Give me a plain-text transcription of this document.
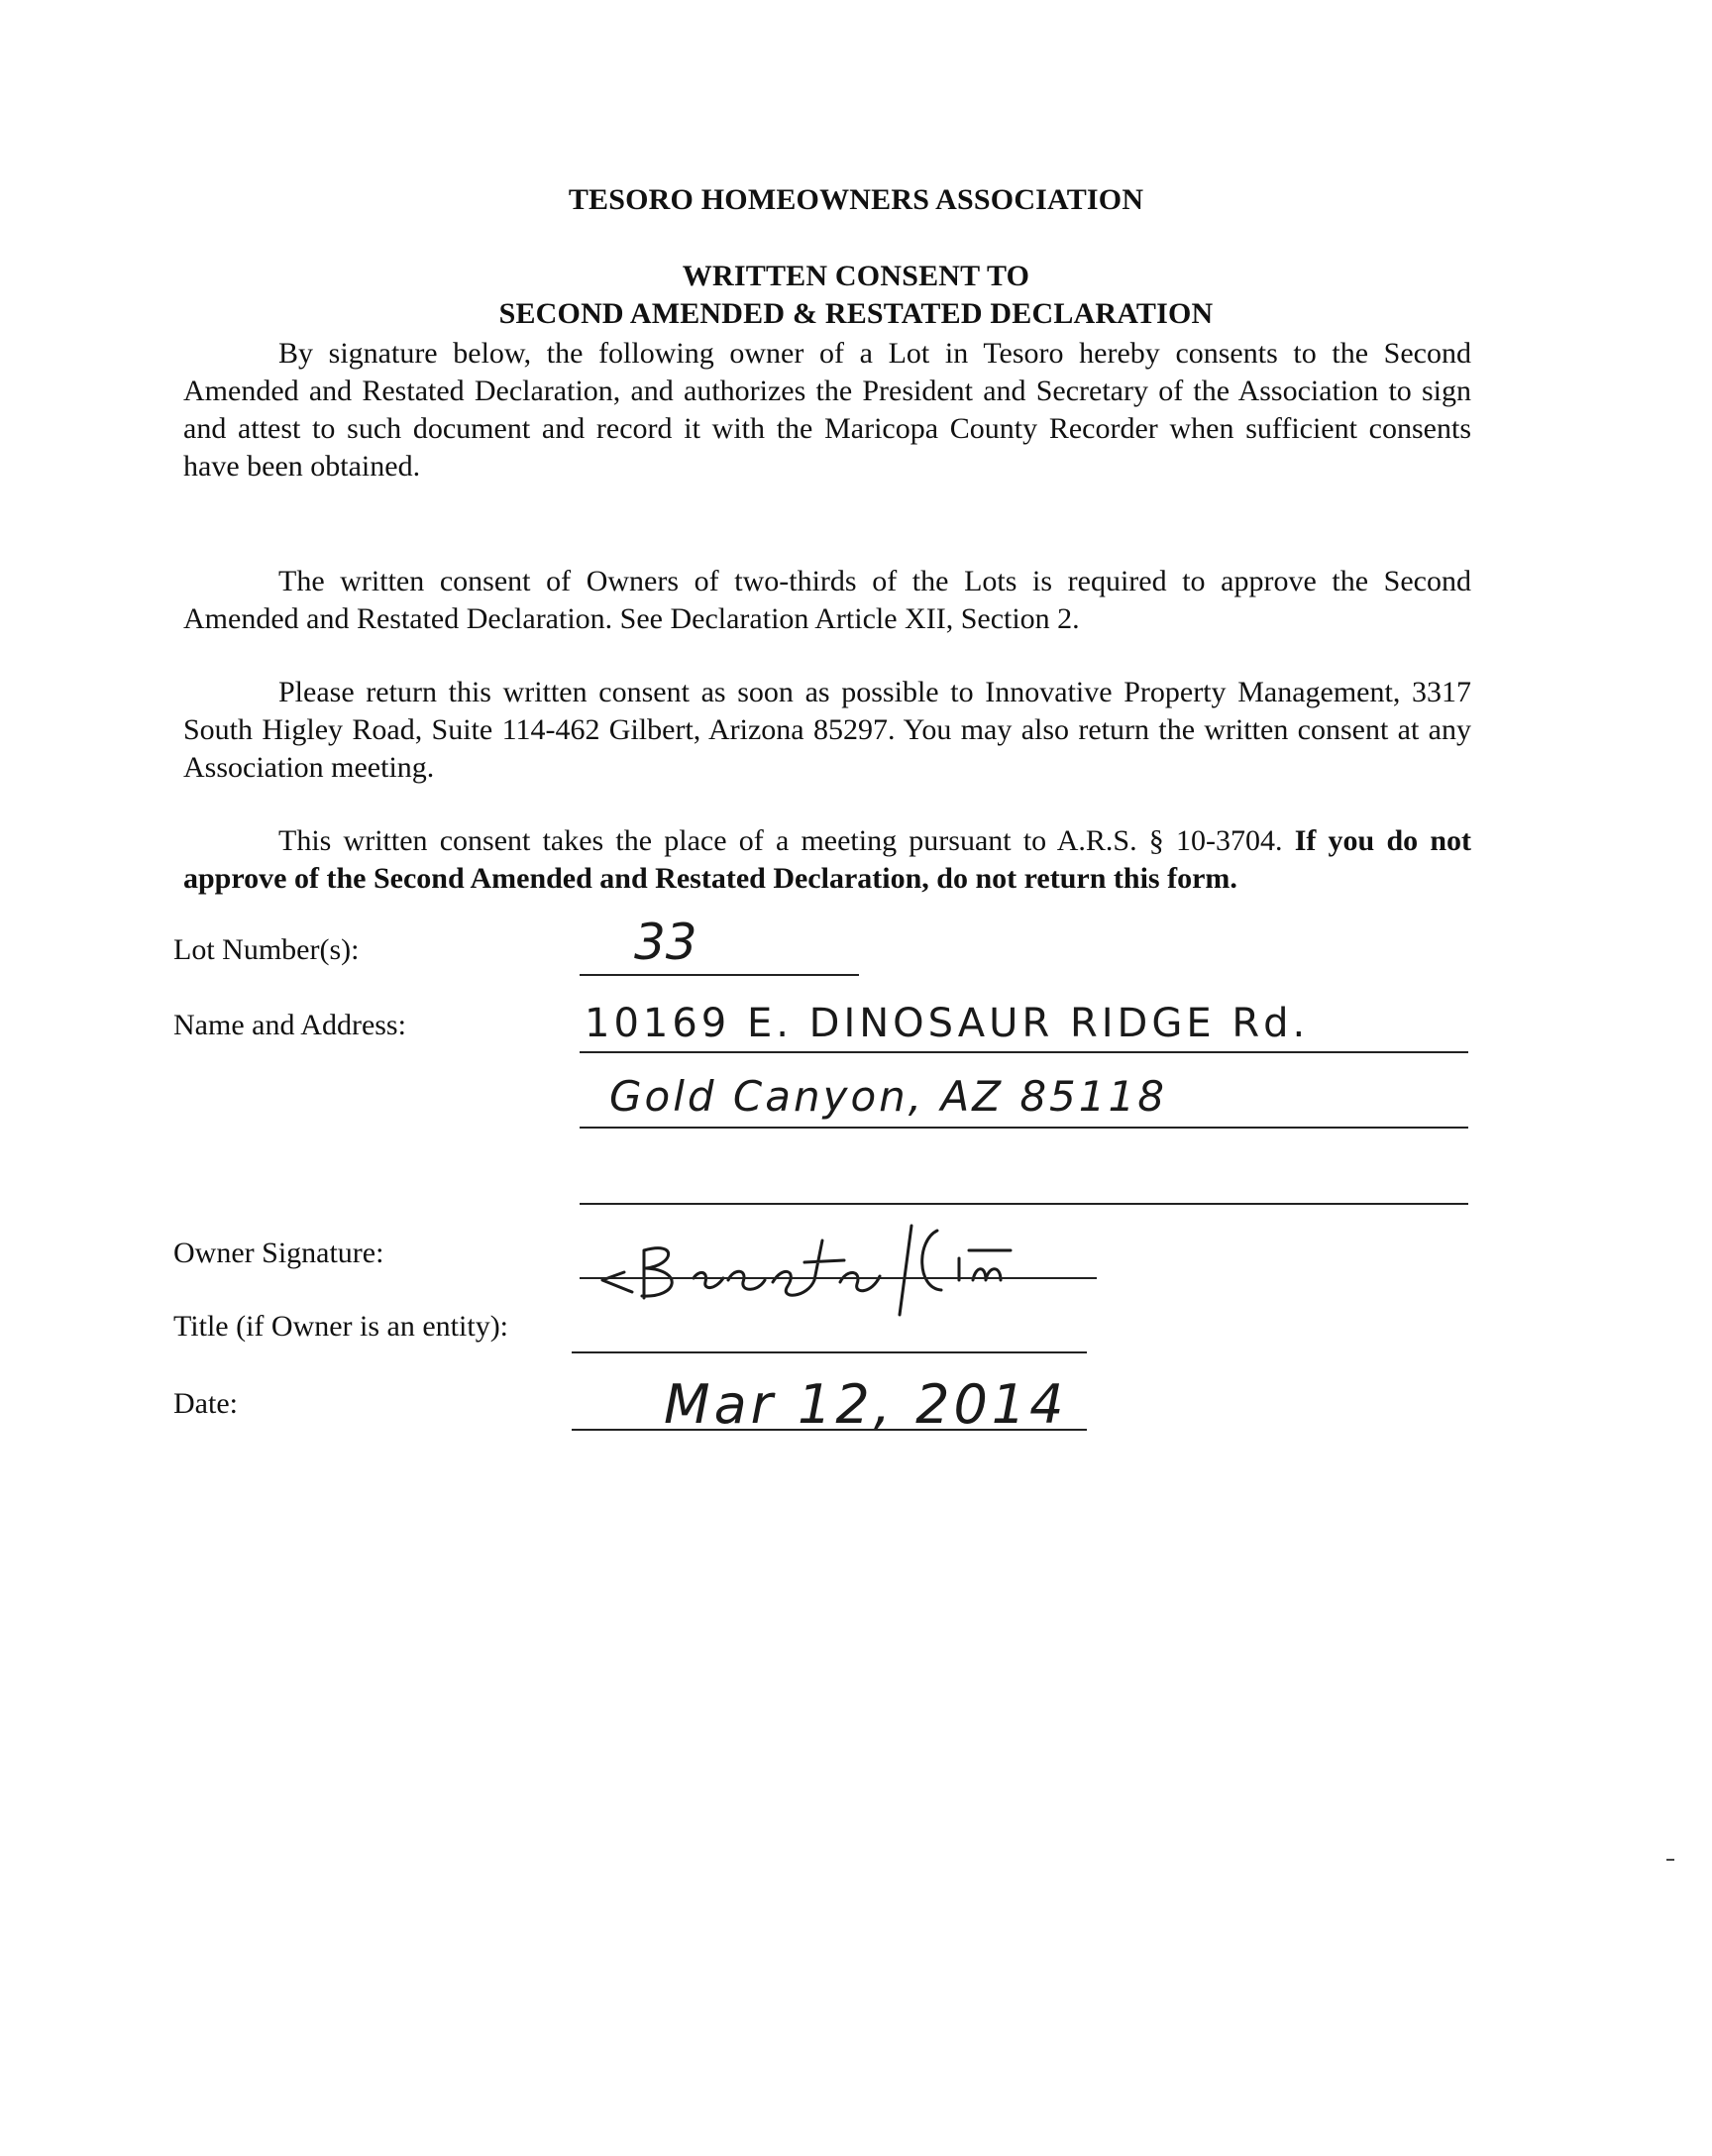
TESORO HOMEOWNERS ASSOCIATION
WRITTEN CONSENT TO
SECOND AMENDED & RESTATED DECLARATION
By signature below, the following owner of a Lot in Tesoro hereby consents to the Second Amended and Restated Declaration, and authorizes the President and Secretary of the Association to sign and attest to such document and record it with the Maricopa County Recorder when sufficient consents have been obtained.
The written consent of Owners of two-thirds of the Lots is required to approve the Second Amended and Restated Declaration. See Declaration Article XII, Section 2.
Please return this written consent as soon as possible to Innovative Property Management, 3317 South Higley Road, Suite 114-462 Gilbert, Arizona 85297. You may also return the written consent at any Association meeting.
This written consent takes the place of a meeting pursuant to A.R.S. § 10-3704. If you do not approve of the Second Amended and Restated Declaration, do not return this form.
Lot Number(s):	33
Name and Address:	10169 E. DINOSAUR RIDGE Rd.
Gold Canyon, AZ 85118
Owner Signature:
Title (if Owner is an entity):
Date:	Mar 12, 2014
